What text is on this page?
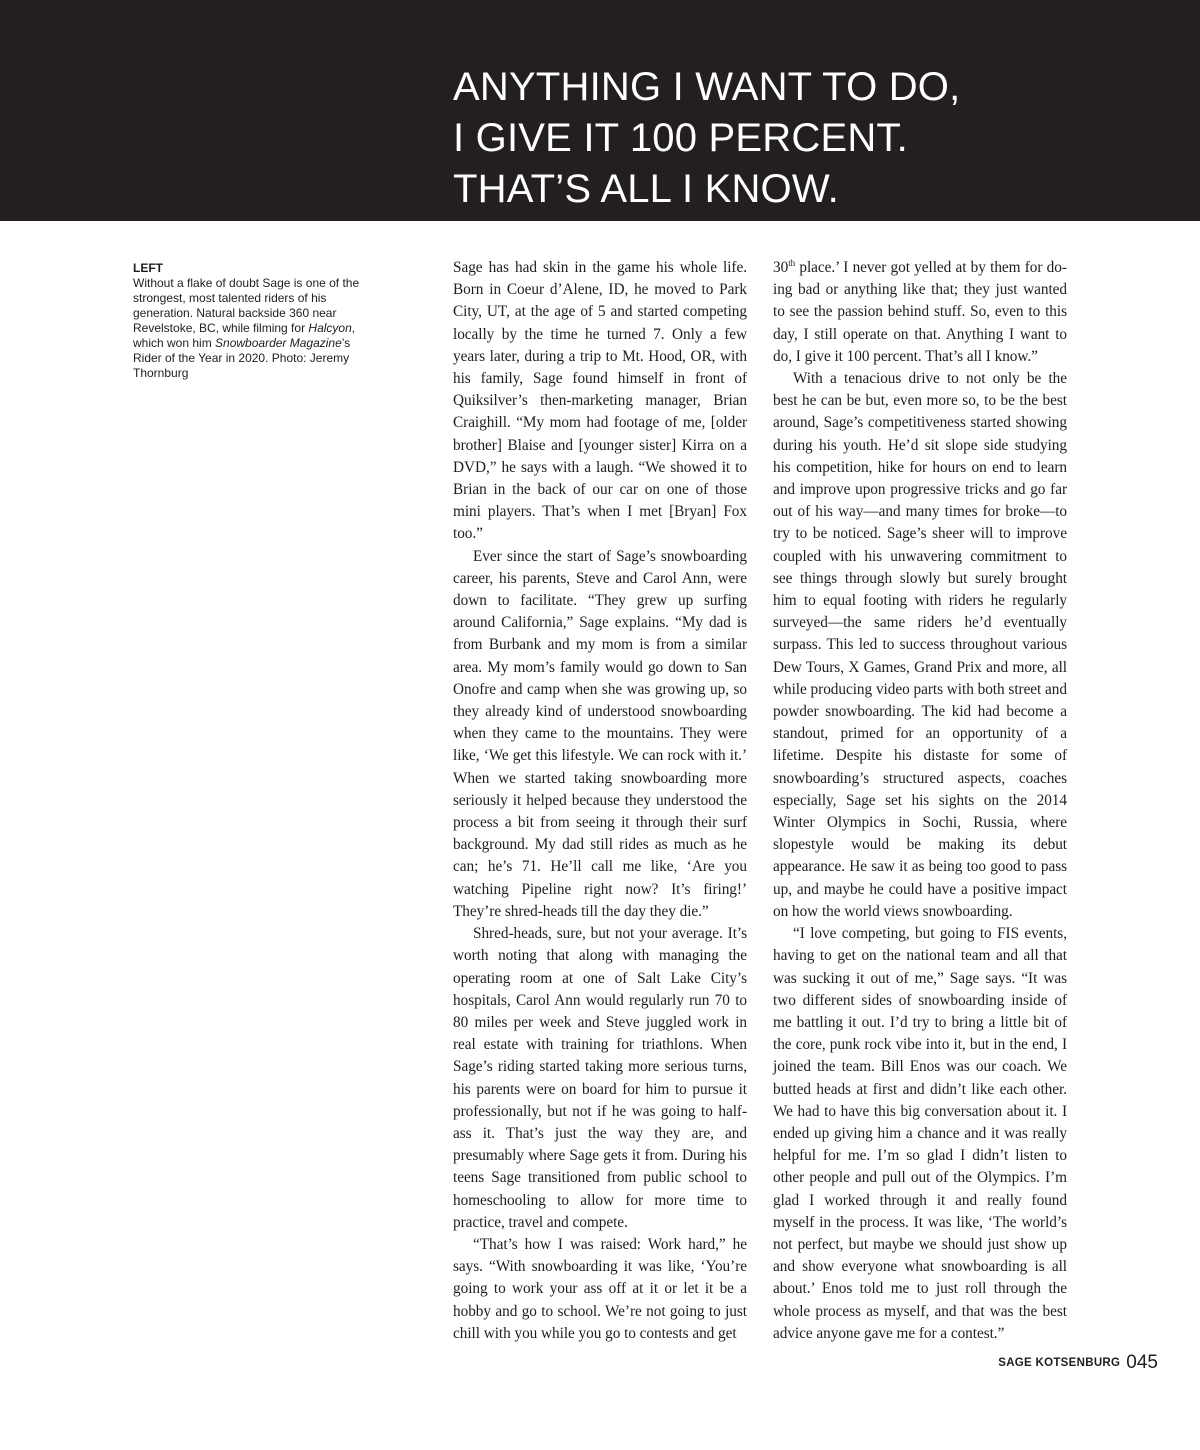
ANYTHING I WANT TO DO,
I GIVE IT 100 PERCENT.
THAT’S ALL I KNOW.
LEFT
Without a flake of doubt Sage is one of the strongest, most talented riders of his generation. Natural backside 360 near Revelstoke, BC, while filming for Halcyon, which won him Snowboarder Magazine’s Rider of the Year in 2020. Photo: Jeremy Thornburg

Sage has had skin in the game his whole life. Born in Coeur d’Alene, ID, he moved to Park City, UT, at the age of 5 and started competing locally by the time he turned 7. Only a few years later, during a trip to Mt. Hood, OR, with his family, Sage found himself in front of Quiksilver’s then-marketing manager, Brian Craighill. “My mom had footage of me, [older brother] Blaise and [younger sister] Kirra on a DVD,” he says with a laugh. “We showed it to Brian in the back of our car on one of those mini players. That’s when I met [Bryan] Fox too.”

Ever since the start of Sage’s snowboarding career, his parents, Steve and Carol Ann, were down to facilitate. “They grew up surfing around California,” Sage explains. “My dad is from Burbank and my mom is from a similar area. My mom’s family would go down to San Onofre and camp when she was growing up, so they already kind of understood snowboarding when they came to the mountains. They were like, ‘We get this lifestyle. We can rock with it.’ When we started taking snowboarding more seriously it helped because they understood the process a bit from seeing it through their surf background. My dad still rides as much as he can; he’s 71. He’ll call me like, ‘Are you watching Pipeline right now? It’s firing!’ They’re shred-heads till the day they die.”

Shred-heads, sure, but not your average. It’s worth noting that along with managing the operating room at one of Salt Lake City’s hospitals, Carol Ann would regularly run 70 to 80 miles per week and Steve juggled work in real estate with training for triathlons. When Sage’s riding started taking more serious turns, his parents were on board for him to pursue it professionally, but not if he was going to half-ass it. That’s just the way they are, and presumably where Sage gets it from. During his teens Sage transitioned from public school to homeschooling to allow for more time to practice, travel and compete.

“That’s how I was raised: Work hard,” he says. “With snowboarding it was like, ‘You’re going to work your ass off at it or let it be a hobby and go to school. We’re not going to just chill with you while you go to contests and get

30th place.’ I never got yelled at by them for doing bad or anything like that; they just wanted to see the passion behind stuff. So, even to this day, I still operate on that. Anything I want to do, I give it 100 percent. That’s all I know.”

With a tenacious drive to not only be the best he can be but, even more so, to be the best around, Sage’s competitiveness started showing during his youth. He’d sit slope side studying his competition, hike for hours on end to learn and improve upon progressive tricks and go far out of his way—and many times for broke—to try to be noticed. Sage’s sheer will to improve coupled with his unwavering commitment to see things through slowly but surely brought him to equal footing with riders he regularly surveyed—the same riders he’d eventually surpass. This led to success throughout various Dew Tours, X Games, Grand Prix and more, all while producing video parts with both street and powder snowboarding. The kid had become a standout, primed for an opportunity of a lifetime. Despite his distaste for some of snowboarding’s structured aspects, coaches especially, Sage set his sights on the 2014 Winter Olympics in Sochi, Russia, where slopestyle would be making its debut appearance. He saw it as being too good to pass up, and maybe he could have a positive impact on how the world views snowboarding.

“I love competing, but going to FIS events, having to get on the national team and all that was sucking it out of me,” Sage says. “It was two different sides of snowboarding inside of me battling it out. I’d try to bring a little bit of the core, punk rock vibe into it, but in the end, I joined the team. Bill Enos was our coach. We butted heads at first and didn’t like each other. We had to have this big conversation about it. I ended up giving him a chance and it was really helpful for me. I’m so glad I didn’t listen to other people and pull out of the Olympics. I’m glad I worked through it and really found myself in the process. It was like, ‘The world’s not perfect, but maybe we should just show up and show everyone what snowboarding is all about.’ Enos told me to just roll through the whole process as myself, and that was the best advice anyone gave me for a contest.”

SAGE KOTSENBURG 045
